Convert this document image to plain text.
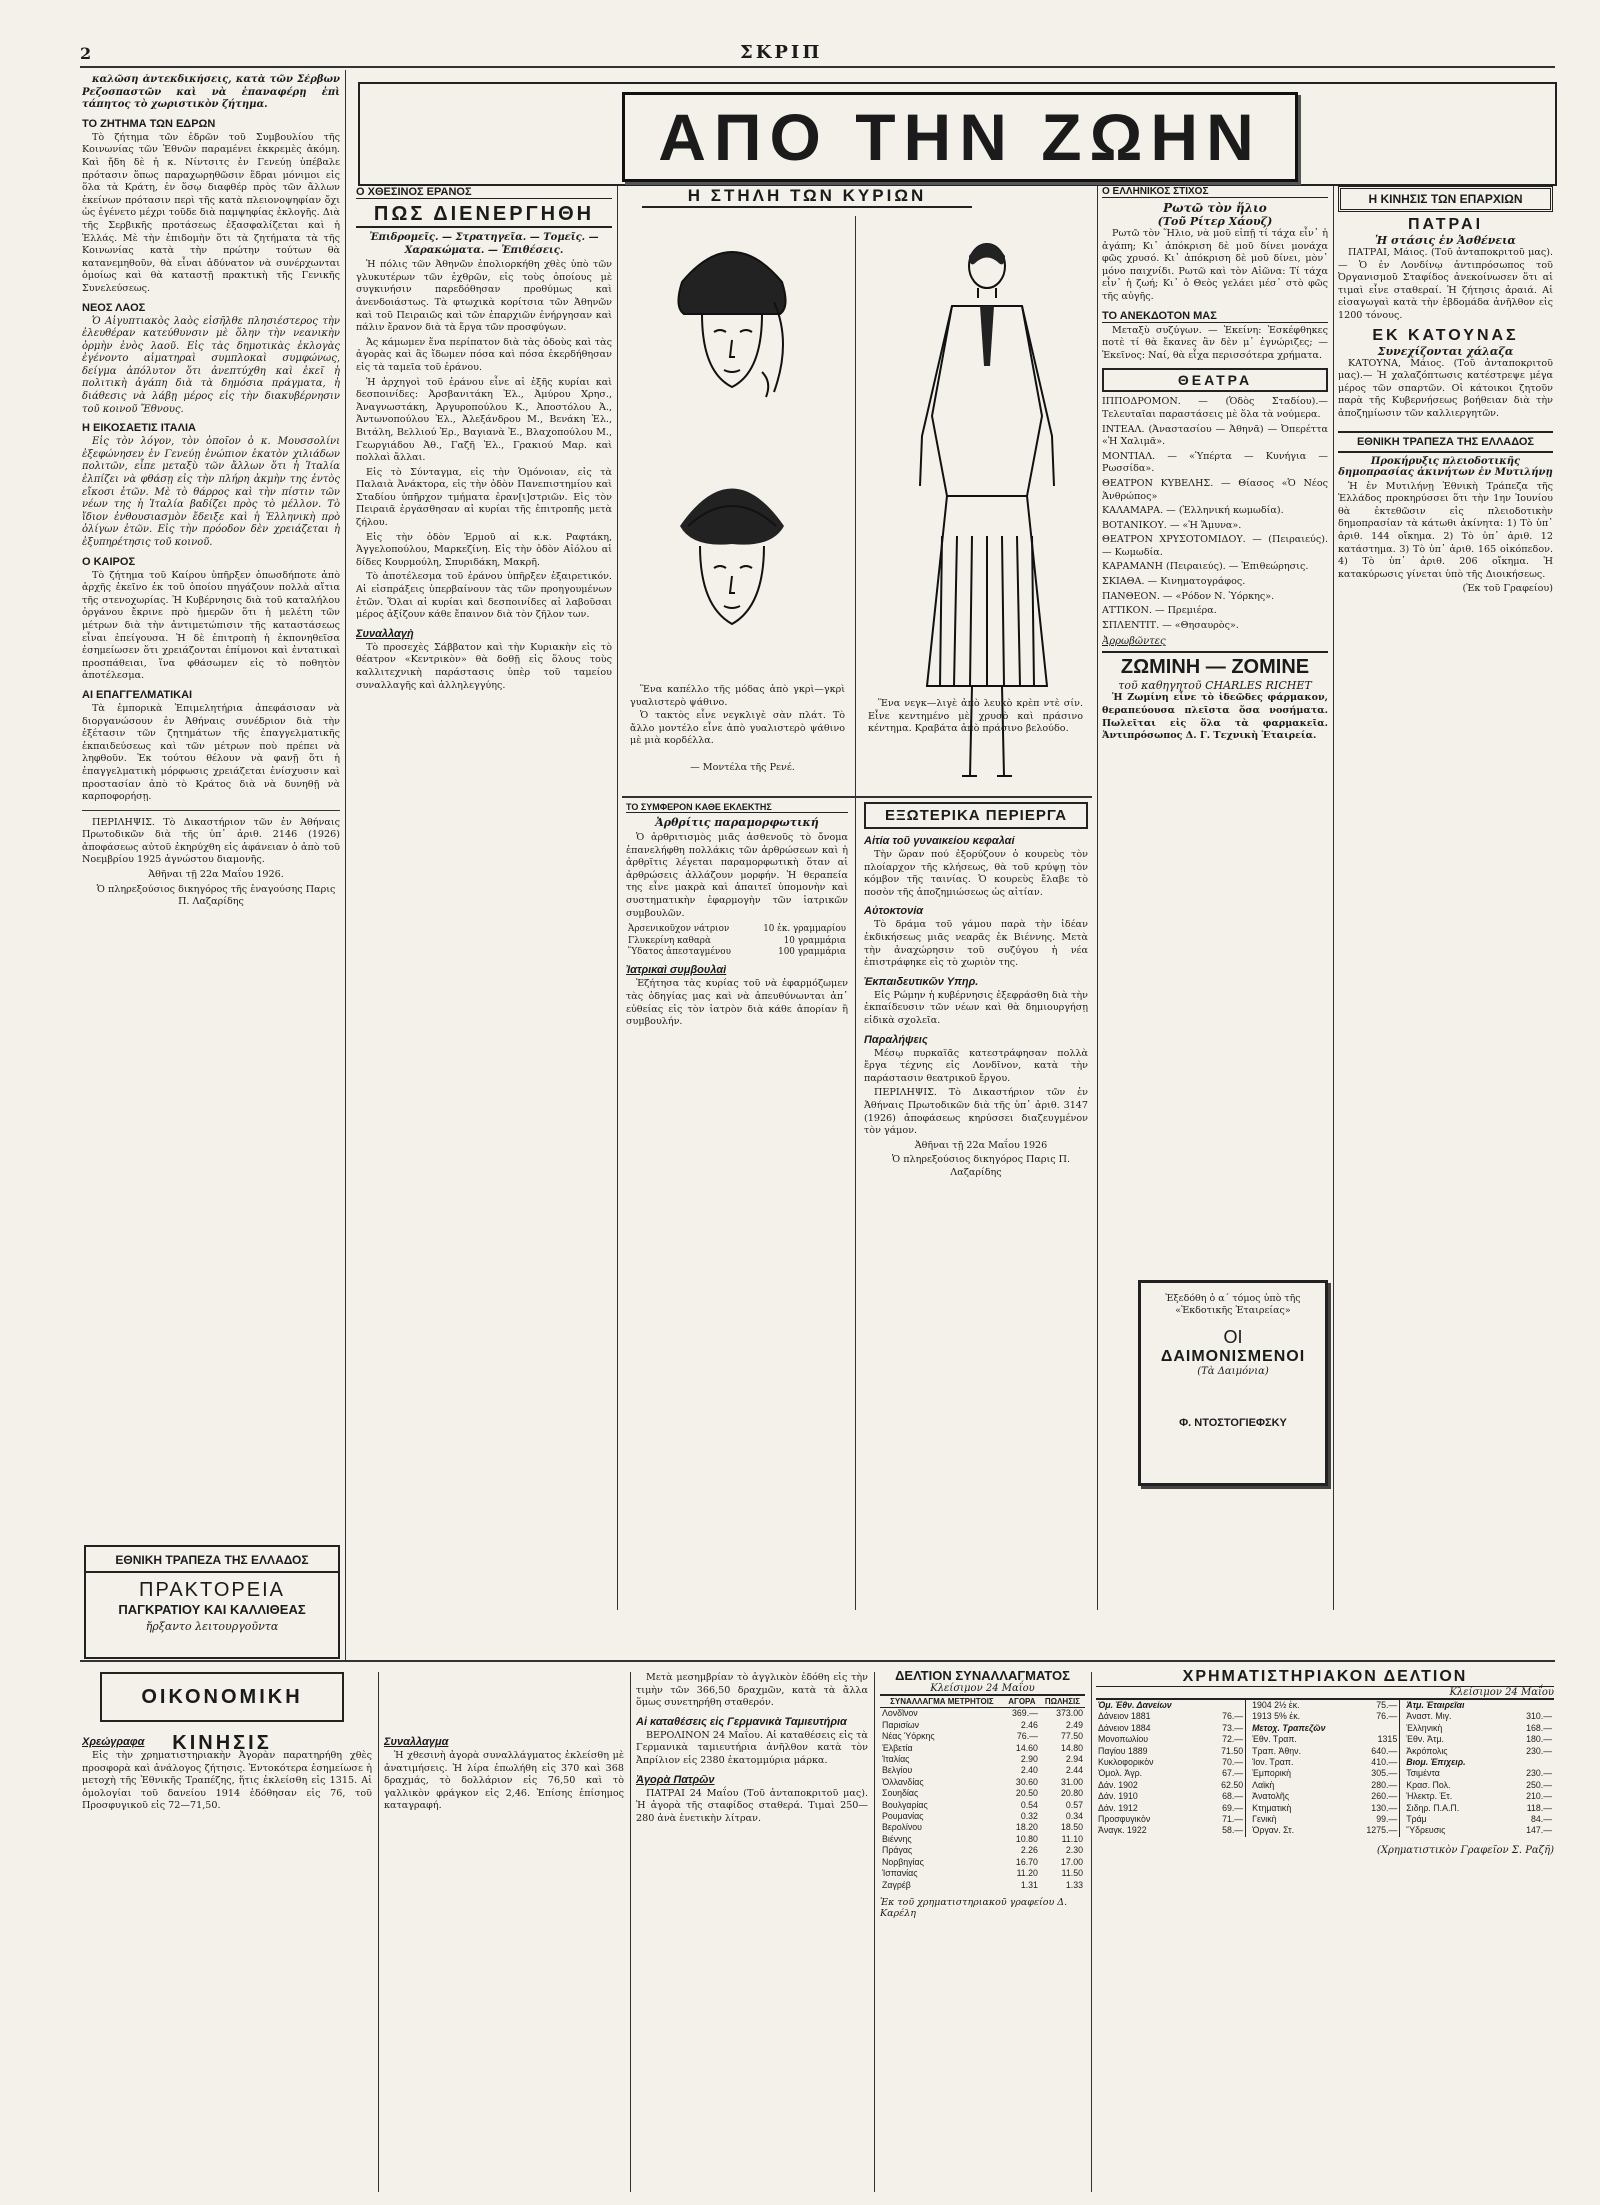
2	ΣΚΡΙΠ

καλῶση ἀντεκδικήσεις, κατὰ τῶν Σέρβων Ρεζοσπαστῶν καὶ νὰ ἐπαναφέρῃ ἐπὶ τάπητος τὸ χωριστικὸν ζήτημα.

ΤΟ ΖΗΤΗΜΑ ΤΩΝ ΕΔΡΩΝ

Τὸ ζήτημα τῶν ἑδρῶν τοῦ Συμβουλίου τῆς Κοινωνίας τῶν Ἐθνῶν παραμένει ἐκκρεμὲς ἀκόμη. Καὶ ἤδη δὲ ἡ κ. Νίντσιτς ἐν Γενεύῃ ὑπέβαλε πρότασιν ὅπως παραχωρηθῶσιν ἕδραι μόνιμοι εἰς ὅλα τὰ Κράτη, ἐν ὅσῳ διαφθέρ πρὸς τῶν ἄλλων ἐκείνων πρότασιν περὶ τῆς κατὰ πλειονοψηφίαν ὄχι ὡς ἐγένετο μέχρι τοῦδε διὰ παμψηφίας ἐκλογῆς. Διὰ τῆς Σερβικῆς προτάσεως ἐξασφαλίζεται καὶ ἡ Ἑλλάς. Μὲ τὴν ἐπιδομὴν ὅτι τὰ ζητήματα τὰ τῆς Κοινωνίας κατὰ τὴν πρώτην τούτων θὰ κατανεμηθοῦν, θὰ εἶναι ἀδύνατον νὰ συνέρχωνται ὁμοίως καὶ θὰ καταστῇ πρακτικὴ τῆς Γενικῆς Συνελεύσεως.

ΝΕΟΣ ΛΑΟΣ

Ὁ Αἰγυπτιακὸς λαὸς εἰσῆλθε πλησιέστερος τὴν ἐλευθέραν κατεύθυνσιν μὲ ὅλην τὴν νεανικὴν ὁρμὴν ἑνὸς λαοῦ. Εἰς τὰς δημοτικὰς ἐκλογὰς ἐγένοντο αἱματηραὶ συμπλοκαὶ συμφώνως, δείγμα ἀπόλυτον ὅτι ἀνεπτύχθη καὶ ἐκεῖ ἡ πολιτικὴ ἀγάπη διὰ τὰ δημόσια πράγματα, ἡ διάθεσις νὰ λάβῃ μέρος εἰς τὴν διακυβέρνησιν τοῦ κοινοῦ Ἔθνους.

Η ΕΙΚΟΣΑΕΤΙΣ ΙΤΑΛΙΑ

Εἰς τὸν λόγον, τὸν ὁποῖον ὁ κ. Μουσσολίνι ἐξεφώνησεν ἐν Γενεύῃ ἐνώπιον ἑκατὸν χιλιάδων πολιτῶν, εἶπε μεταξὺ τῶν ἄλλων ὅτι ἡ Ἰταλία ἐλπίζει νὰ φθάσῃ εἰς τὴν πλήρη ἀκμὴν της ἐντὸς εἴκοσι ἐτῶν. Μὲ τὸ θάρρος καὶ τὴν πίστιν τῶν νέων της ἡ Ἰταλία βαδίζει πρὸς τὸ μέλλον. Τὸ ἴδιον ἐνθουσιασμὸν ἔδειξε καὶ ἡ Ἑλληνικὴ πρὸ ὀλίγων ἐτῶν. Εἰς τὴν πρόοδον δὲν χρειάζεται ἡ ἐξυπηρέτησις τοῦ κοινοῦ.

Ο ΚΑΙΡΟΣ

Τὸ ζήτημα τοῦ Καίρου ὑπῆρξεν ὁπωσδήποτε ἀπὸ ἀρχῆς ἐκεῖνο ἐκ τοῦ ὁποίου πηγάζουν πολλὰ αἴτια τῆς στενοχωρίας. Ἡ Κυβέρνησις διὰ τοῦ καταλήλου ὀργάνου ἔκρινε πρὸ ἡμερῶν ὅτι ἡ μελέτη τῶν μέτρων διὰ τὴν ἀντιμετώπισιν τῆς καταστάσεως εἶναι ἐπείγουσα. Ἡ δὲ ἐπιτροπὴ ἡ ἐκπονηθεῖσα ἐσημείωσεν ὅτι χρειάζονται ἐπίμονοι καὶ ἐντατικαὶ προσπάθειαι, ἵνα φθάσωμεν εἰς τὸ ποθητὸν ἀποτέλεσμα.

ΑΙ ΕΠΑΓΓΕΛΜΑΤΙΚΑΙ

Τὰ ἐμπορικὰ Ἐπιμελητήρια ἀπεφάσισαν νὰ διοργανώσουν ἐν Ἀθήναις συνέδριον διὰ τὴν ἐξέτασιν τῶν ζητημάτων τῆς ἐπαγγελματικῆς ἐκπαιδεύσεως καὶ τῶν μέτρων ποὺ πρέπει νὰ ληφθοῦν. Ἐκ τούτου θέλουν νὰ φανῇ ὅτι ἡ ἐπαγγελματικὴ μόρφωσις χρειάζεται ἐνίσχυσιν καὶ προστασίαν ἀπὸ τὸ Κράτος διὰ νὰ δυνηθῇ νὰ καρποφορήσῃ.

ΠΕΡΙΛΗΨΙΣ. Τὸ Δικαστήριον τῶν ἐν Ἀθήναις Πρωτοδικῶν διὰ τῆς ὑπ᾽ ἀριθ. 2146 (1926) ἀποφάσεως αὐτοῦ ἐκηρύχθη εἰς ἀφάνειαν ὁ ἀπὸ τοῦ Νοεμβρίου 1925 ἀγνώστου διαμονῆς.

Ἀθῆναι τῇ 22α Μαΐου 1926.

Ὁ πληρεξούσιος δικηγόρος τῆς ἐναγούσης Παρις Π. Λαζαρίδης

ΕΘΝΙΚΗ ΤΡΑΠΕΖΑ ΤΗΣ ΕΛΛΑΔΟΣ
ΠΡΑΚΤΟΡΕΙΑ
ΠΑΓΚΡΑΤΙΟΥ ΚΑΙ ΚΑΛΛΙΘΕΑΣ
ἤρξαντο λειτουργοῦντα
ΑΠΟ ΤΗΝ ΖΩΗΝ
Ο ΧΘΕΣΙΝΟΣ ΕΡΑΝΟΣ
ΠΩΣ ΔΙΕΝΕΡΓΗΘΗ

Ἐπιδρομεῖς. — Στρατηγεῖα. — Τομεῖς. — Χαρακώματα. — Ἐπιθέσεις.

Ἡ πόλις τῶν Ἀθηνῶν ἐπολιορκήθη χθὲς ὑπὸ τῶν γλυκυτέρων τῶν ἐχθρῶν, εἰς τοὺς ὁποίους μὲ συγκινήσιν παρεδόθησαν προθύμως καὶ ἀνενδοιάστως. Τὰ φτωχικὰ κορίτσια τῶν Ἀθηνῶν καὶ τοῦ Πειραιῶς καὶ τῶν ἐπαρχιῶν ἐνήργησαν καὶ πάλιν ἔρανον διὰ τὰ ἔργα τῶν προσφύγων.

Ἀς κάμωμεν ἕνα περίπατον διὰ τὰς ὁδοὺς καὶ τὰς ἀγορὰς καὶ ἂς ἴδωμεν πόσα καὶ πόσα ἐκερδήθησαν εἰς τὰ ταμεῖα τοῦ ἐράνου.

Ἡ ἀρχηγοὶ τοῦ ἐράνου εἶνε αἱ ἑξῆς κυρίαι καὶ δεσποινίδες: Ἀρσβανιτάκη Ἐλ., Ἀμύρου Χρησ., Ἀναγνωστάκη, Ἀργυροπούλου Κ., Ἀποστόλου Ἀ., Ἀντωνοπούλου Ἐλ., Ἀλεξάνδρου Μ., Βενάκη Ἑλ., Βιτάλη, Βελλιού Ἐρ., Βαγιανὰ Ἐ., Βλαχοπούλου Μ., Γεωργιάδου Ἀθ., Γαζῆ Ἐλ., Γρακιού Μαρ. καὶ πολλαὶ ἄλλαι.

Εἰς τὸ Σύνταγμα, εἰς τὴν Ὁμόνοιαν, εἰς τὰ Παλαιὰ Ἀνάκτορα, εἰς τὴν ὁδὸν Πανεπιστημίου καὶ Σταδίου ὑπῆρχον τμήματα ἐραν[ι]στριῶν. Εἰς τὸν Πειραιᾶ ἐργάσθησαν αἱ κυρίαι τῆς ἐπιτροπῆς μετὰ ζήλου.

Εἰς τὴν ὁδὸν Ἑρμοῦ αἱ κ.κ. Ραφτάκη, Ἀγγελοπούλου, Μαρκεζίνη. Εἰς τὴν ὁδὸν Αἰόλου αἱ δίδες Κουρμούλη, Σπυριδάκη, Μακρῆ.

Τὸ ἀποτέλεσμα τοῦ ἐράνου ὑπῆρξεν ἐξαιρετικόν. Αἱ εἰσπράξεις ὑπερβαίνουν τὰς τῶν προηγουμένων ἐτῶν. Ὅλαι αἱ κυρίαι καὶ δεσποινίδες αἱ λαβοῦσαι μέρος ἀξίζουν κάθε ἔπαινον διὰ τὸν ζῆλον των.

Συναλλαγὴ

Τὸ προσεχὲς Σάββατον καὶ τὴν Κυριακὴν εἰς τὸ θέατρον «Κεντρικὸν» θὰ δοθῇ εἰς ὅλους τοὺς καλλιτεχνικὴ παράστασις ὑπὲρ τοῦ ταμείου συναλλαγῆς καὶ ἀλληλεγγύης.

Η ΣΤΗΛΗ ΤΩΝ ΚΥΡΙΩΝ

Ἕνα καπέλλο τῆς μόδας ἀπὸ γκρὶ—γκρὶ γυαλιστερὸ ψάθινο.

Ὁ τακτὸς εἶνε νεγκλιγὲ σὰν πλάτ. Τὸ ἄλλο μοντέλο εἶνε ἀπὸ γυαλιστερὸ ψάθινο μὲ μιὰ κορδέλλα.

— Μοντέλα τῆς Ρενέ.

Ἕνα νεγκ—λιγὲ ἀπὸ λευκὸ κρὲπ ντὲ σίν. Εἶνε κεντημένο μὲ χρυσὸ καὶ πράσινο κέντημα. Κραβάτα ἀπὸ πράσινο βελούδο.

ΤΟ ΣΥΜΦΕΡΟΝ ΚΑΘΕ ΕΚΛΕΚΤΗΣ
Ἀρθρίτις παραμορφωτική

Ὁ ἀρθριτισμὸς μιᾶς ἀσθενοῦς τὸ ὄνομα ἐπανελήφθη πολλάκις τῶν ἀρθρώσεων καὶ ἡ ἀρθρῖτις λέγεται παραμορφωτικὴ ὅταν αἱ ἀρθρώσεις ἀλλάζουν μορφήν. Ἡ θεραπεία της εἶνε μακρὰ καὶ ἀπαιτεῖ ὑπομονὴν καὶ συστηματικὴν ἐφαρμογὴν τῶν ἰατρικῶν συμβουλῶν.

Ἀρσενικοῦχον νάτριον	10 ἑκ. γραμμαρίου
Γλυκερίνη καθαρὰ	10 γραμμάρια
Ὕδατος ἀπεσταγμένου	100 γραμμάρια
Ἰατρικαὶ συμβουλαὶ

Ἐζήτησα τὰς κυρίας τοῦ νὰ ἐφαρμόζωμεν τὰς ὁδηγίας μας καὶ νὰ ἀπευθύνωνται ἀπ᾽ εὐθείας εἰς τὸν ἰατρὸν διὰ κάθε ἀπορίαν ἢ συμβουλήν.

ΕΞΩΤΕΡΙΚΑ ΠΕΡΙΕΡΓΑ
Αἰτία τοῦ γυναικείου κεφαλαί

Τὴν ὥραν πού ἐξορύζουν ὁ κουρεὺς τὸν πλοίαρχον τῆς κλήσεως, θὰ τοῦ κρύψῃ τὸν κόμβον τῆς ταινίας. Ὁ κουρεὺς ἔλαβε τὸ ποσὸν τῆς ἀποζημιώσεως ὡς αἰτίαν.

Αὐτοκτονία

Τὸ δράμα τοῦ γάμου παρὰ τὴν ἰδέαν ἐκδικήσεως μιᾶς νεαρᾶς ἐκ Βιέννης. Μετὰ τὴν ἀναχώρησιν τοῦ συζύγου ἡ νέα ἐπιστράφηκε εἰς τὸ χωριὸν της.

Ἐκπαιδευτικῶν Υπηρ.

Εἰς Ρώμην ἡ κυβέρνησις ἐξεφράσθη διὰ τὴν ἐκπαίδευσιν τῶν νέων καὶ θὰ δημιουργήσῃ εἰδικὰ σχολεῖα.

Παραλήψεις

Μέσῳ πυρκαϊᾶς κατεστράφησαν πολλὰ ἔργα τέχνης εἰς Λονδῖνον, κατὰ τὴν παράστασιν θεατρικοῦ ἔργου.

ΠΕΡΙΛΗΨΙΣ. Τὸ Δικαστήριον τῶν ἐν Ἀθήναις Πρωτοδικῶν διὰ τῆς ὑπ᾽ ἀριθ. 3147 (1926) ἀποφάσεως κηρύσσει διαζευγμένον τὸν γάμον.

Ἀθῆναι τῇ 22α Μαΐου 1926

Ὁ πληρεξούσιος δικηγόρος Παρις Π. Λαζαρίδης

Ο ΕΛΛΗΝΙΚΟΣ ΣΤΙΧΟΣ
Ρωτῶ τὸν ἥλιο
(Τοῦ Ρίτερ Χάουζ)

Ρωτῶ τὸν Ἥλιο, νὰ μοῦ εἰπῇ τί τάχα εἶν᾽ ἡ ἀγάπη; Κι᾽ ἀπόκριση δὲ μοῦ δίνει μονάχα φῶς χρυσό. Κι᾽ ἀπόκριση δὲ μοῦ δίνει, μὸν᾽ μόνο παιχνίδι. Ρωτῶ καὶ τὸν Αἰῶνα: Τί τάχα εἶν᾽ ἡ ζωή; Κι᾽ ὁ Θεὸς γελάει μέσ᾽ στὸ φῶς τῆς αὐγῆς.

ΤΟ ΑΝΕΚΔΟΤΟΝ ΜΑΣ

Μεταξὺ συζύγων. — Ἐκείνη: Ἐσκέφθηκες ποτὲ τί θὰ ἔκανες ἂν δὲν μ᾽ ἐγνώριζες; — Ἐκεῖνος: Ναί, θὰ εἶχα περισσότερα χρήματα.

ΘΕΑΤΡΑ

ΙΠΠΟΔΡΟΜΟΝ. — (Ὁδὸς Σταδίου).— Τελευταῖαι παραστάσεις μὲ ὅλα τὰ νούμερα.

ΙΝΤΕΑΛ. (Ἀναστασίου — Ἀθηνᾶ) — Ὀπερέττα «Ἡ Χαλιμᾶ».

ΜΟΝΤΙΑΛ. — «Ὑπέρτα — Κυνήγια — Ρωσσίδα».

ΘΕΑΤΡΟΝ ΚΥΒΕΛΗΣ. — Θίασος «Ὁ Νέος Ἀνθρώπος»

ΚΑΛΑΜΑΡΑ. — (Ἑλληνική κωμωδία).

ΒΟΤΑΝΙΚΟΥ. — «Ἡ Ἄμυνα».

ΘΕΑΤΡΟΝ ΧΡΥΣΟΤΟΜΙΔΟΥ. — (Πειραιεύς). — Κωμωδία.

ΚΑΡΑΜΑΝΗ (Πειραιεύς). — Ἐπιθεώρησις.

ΣΚΙΑΘΑ. — Κινηματογράφος.

ΠΑΝΘΕΟΝ. — «Ρόδον Ν. Ὑόρκης».

ΑΤΤΙΚΟΝ. — Πρεμιέρα.

ΣΠΛΕΝΤΙΤ. — «Θησαυρὸς».

Ἀρρωβῶντες
ΖΩΜΙΝΗ — ZOMINE
τοῦ καθηγητοῦ CHARLES RICHET

Ἡ Ζωμίνη εἶνε τὸ ἰδεῶδες φάρμακον, θεραπεύουσα πλεῖστα ὅσα νοσήματα. Πωλεῖται εἰς ὅλα τὰ φαρμακεῖα. Ἀντιπρόσωπος Δ. Γ. Τεχνικὴ Ἑταιρεία.

Ἐξεδόθη ὁ α´ τόμος ὑπὸ τῆς «Ἐκδοτικῆς Ἑταιρείας»
ΟΙ
ΔΑΙΜΟΝΙΣΜΕΝΟΙ
(Τὰ Δαιμόνια)
Φ. ΝΤΟΣΤΟΓΙΕΦΣΚΥ
Η ΚΙΝΗΣΙΣ ΤΩΝ ΕΠΑΡΧΙΩΝ
ΠΑΤΡΑΙ
Ἡ στάσις ἐν Ἀσθένεια

ΠΑΤΡΑΙ, Μάιος. (Τοῦ ἀνταποκριτοῦ μας).— Ὁ ἐν Λονδίνῳ ἀντιπρόσωπος τοῦ Ὀργανισμοῦ Σταφίδος ἀνεκοίνωσεν ὅτι αἱ τιμαὶ εἶνε σταθεραί. Ἡ ζήτησις ἀραιά. Αἱ εἰσαγωγαὶ κατὰ τὴν ἑβδομάδα ἀνῆλθον εἰς 1200 τόνους.

ΕΚ ΚΑΤΟΥΝΑΣ
Συνεχίζονται χάλαζα

ΚΑΤΟΥΝΑ, Μάιος. (Τοῦ ἀνταποκριτοῦ μας).— Ἡ χαλαζόπτωσις κατέστρεψε μέγα μέρος τῶν σπαρτῶν. Οἱ κάτοικοι ζητοῦν παρὰ τῆς Κυβερνήσεως βοήθειαν διὰ τὴν ἀποζημίωσιν τῶν καλλιεργητῶν.

ΕΘΝΙΚΗ ΤΡΑΠΕΖΑ ΤΗΣ ΕΛΛΑΔΟΣ
Προκήρυξις πλειοδοτικῆς δημοπρασίας ἀκινήτων ἐν Μυτιλήνῃ

Ἡ ἐν Μυτιλήνῃ Ἐθνικὴ Τράπεζα τῆς Ἑλλάδος προκηρύσσει ὅτι τὴν 1ην Ἰουνίου θὰ ἐκτεθῶσιν εἰς πλειοδοτικὴν δημοπρασίαν τὰ κάτωθι ἀκίνητα: 1) Τὸ ὑπ᾽ ἀριθ. 144 οἴκημα. 2) Τὸ ὑπ᾽ ἀριθ. 12 κατάστημα. 3) Τὸ ὑπ᾽ ἀριθ. 165 οἰκόπεδον. 4) Τὸ ὑπ᾽ ἀριθ. 206 οἴκημα. Ἡ κατακύρωσις γίνεται ὑπὸ τῆς Διοικήσεως.

(Ἐκ τοῦ Γραφείου)

ΟΙΚΟΝΟΜΙΚΗ ΚΙΝΗΣΙΣ
Χρεώγραφα

Εἰς τὴν χρηματιστηριακὴν Ἀγορὰν παρατηρήθη χθὲς προσφορὰ καὶ ἀνάλογος ζήτησις. Ἐντοκότερα ἐσημείωσε ἡ μετοχὴ τῆς Ἐθνικῆς Τραπέζης, ἥτις ἐκλείσθη εἰς 1315. Αἱ ὁμολογίαι τοῦ δανείου 1914 ἐδόθησαν εἰς 76, τοῦ Προσφυγικοῦ εἰς 72—71,50.

Συναλλαγμα

Ἡ χθεσινὴ ἀγορὰ συναλλάγματος ἐκλείσθη μὲ ἀνατιμήσεις. Ἡ λίρα ἐπωλήθη εἰς 370 καὶ 368 δραχμάς, τὸ δολλάριον εἰς 76,50 καὶ τὸ γαλλικὸν φράγκον εἰς 2,46. Ἐπίσης ἐπίσημος καταγραφή.

Μετὰ μεσημβρίαν τὸ ἀγγλικὸν ἐδόθη εἰς τὴν τιμὴν τῶν 366,50 δραχμῶν, κατὰ τὰ ἄλλα ὅμως συνετηρήθη σταθερόν.

Αἱ καταθέσεις εἰς Γερμανικὰ Ταμιευτήρια

ΒΕΡΟΛΙΝΟΝ 24 Μαΐου. Αἱ καταθέσεις εἰς τὰ Γερμανικὰ ταμιευτήρια ἀνῆλθον κατὰ τὸν Ἀπρίλιον εἰς 2380 ἑκατομμύρια μάρκα.

Ἀγορὰ Πατρῶν

ΠΑΤΡΑΙ 24 Μαΐου (Τοῦ ἀνταποκριτοῦ μας). Ἡ ἀγορὰ τῆς σταφίδος σταθερά. Τιμαὶ 250—280 ἀνὰ ἑνετικὴν λίτραν.

ΔΕΛΤΙΟΝ ΣΥΝΑΛΛΑΓΜΑΤΟΣ
Κλείσιμον 24 Μαΐου
ΣΥΝΑΛΛΑΓΜΑ ΜΕΤΡΗΤΟΙΣ	ΑΓΟΡΑ	ΠΩΛΗΣΙΣ
Λονδῖνον	369.—	373.00
Παρισίων	2.46	2.49
Νέας Ὑόρκης	76.—	77.50
Ἑλβετία	14.60	14.80
Ἰταλίας	2.90	2.94
Βελγίου	2.40	2.44
Ὀλλανδίας	30.60	31.00
Σουηδίας	20.50	20.80
Βουλγαρίας	0.54	0.57
Ρουμανίας	0.32	0.34
Βερολίνου	18.20	18.50
Βιέννης	10.80	11.10
Πράγας	2.26	2.30
Νορβηγίας	16.70	17.00
Ἰσπανίας	11.20	11.50
Ζαγρέβ	1.31	1.33
Ἐκ τοῦ χρηματιστηριακοῦ γραφείου Δ. Καρέλη
ΧΡΗΜΑΤΙΣΤΗΡΙΑΚΟΝ ΔΕΛΤΙΟΝ
Κλείσιμον 24 Μαΐου
Ὁμ. Ἐθν. Δανείων	
Δάνειον 1881	76.—
Δάνειον 1884	73.—
Μονοπωλίου	72.—
Παγίου 1889	71.50
Κυκλοφορικὸν	70.—
Ὀμολ. Ἀγρ.	67.—
Δάν. 1902	62.50
Δάν. 1910	68.—
Δάν. 1912	69.—
Προσφυγικὸν	71.—
Ἀναγκ. 1922	58.—
1904 2½ ἑκ.	75.—
1913 5% ἑκ.	76.—
Μετοχ. Τραπεζῶν	
Ἐθν. Τραπ.	1315
Τραπ. Ἀθην.	640.—
Ἰον. Τραπ.	410.—
Ἐμπορικὴ	305.—
Λαϊκὴ	280.—
Ἀνατολῆς	260.—
Κτηματικὴ	130.—
Γενικὴ	99.—
Ὀργαν. Στ.	1275.—
Ἀτμ. Ἑταιρεῖαι	
Ἀναστ. Μιγ.	310.—
Ἑλληνικὴ	168.—
Ἐθν. Ἀτμ.	180.—
Ἀκρόπολις	230.—
Βιομ. Ἐπιχειρ.	
Τσιμέντα	230.—
Κρασ. Πολ.	250.—
Ἠλεκτρ. Ἑτ.	210.—
Σιδηρ. Π.Α.Π.	118.—
Τράμ	84.—
Ὕδρευσις	147.—
(Χρηματιστικὸν Γραφεῖον Σ. Ραζῆ)
